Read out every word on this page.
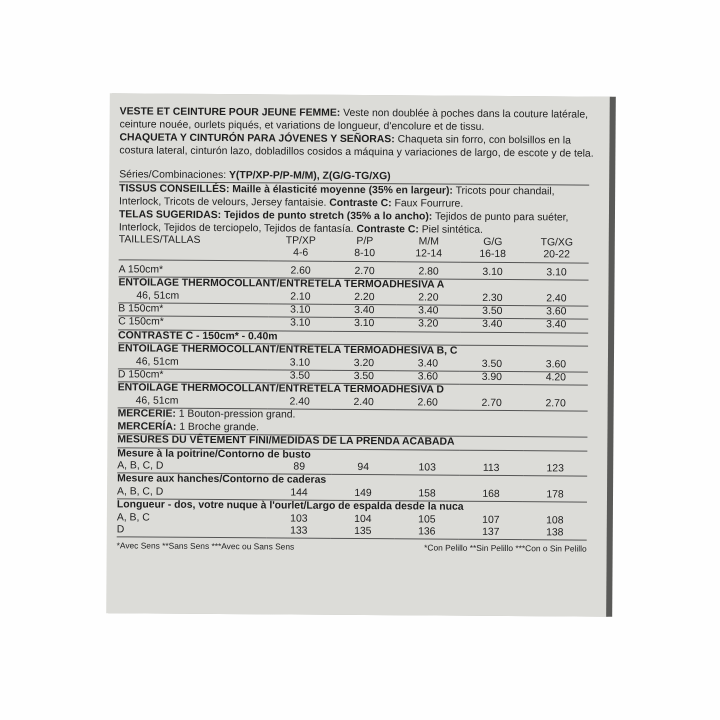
VESTE ET CEINTURE POUR JEUNE FEMME: Veste non doublée à poches dans la couture latérale, ceinture nouée, ourlets piqués, et variations de longueur, d'encolure et de tissu.

CHAQUETA Y CINTURÓN PARA JÓVENES Y SEÑORAS: Chaqueta sin forro, con bolsillos en la costura lateral, cinturón lazo, dobladillos cosidos a máquina y variaciones de largo, de escote y de tela.

Séries/Combinaciones: Y(TP/XP-P/P-M/M), Z(G/G-TG/XG)
TISSUS CONSEILLÉS: Maille à élasticité moyenne (35% en largeur): Tricots pour chandail, Interlock, Tricots de velours, Jersey fantaisie. Contraste C: Faux Fourrure.
TELAS SUGERIDAS: Tejidos de punto stretch (35% a lo ancho): Tejidos de punto para suéter, Interlock, Tejidos de terciopelo, Tejidos de fantasía. Contraste C: Piel sintética.
TAILLES/TALLAS	TP/XP	P/P	M/M	G/G	TG/XG
	4-6	8-10	12-14	16-18	20-22
A 150cm*	2.60	2.70	2.80	3.10	3.10
ENTOILAGE THERMOCOLLANT/ENTRETELA TERMOADHESIVA A					
46, 51cm	2.10	2.20	2.20	2.30	2.40
B 150cm*	3.10	3.40	3.40	3.50	3.60
C 150cm*	3.10	3.10	3.20	3.40	3.40
CONTRASTE C - 150cm* - 0.40m					
ENTOILAGE THERMOCOLLANT/ENTRETELA TERMOADHESIVA B, C					
46, 51cm	3.10	3.20	3.40	3.50	3.60
D 150cm*	3.50	3.50	3.60	3.90	4.20
ENTOILAGE THERMOCOLLANT/ENTRETELA TERMOADHESIVA D					
46, 51cm	2.40	2.40	2.60	2.70	2.70
MERCERIE: 1 Bouton-pression grand.					
MERCERÍA: 1 Broche grande.					
MESURES DU VÊTEMENT FINI/MEDIDAS DE LA PRENDA ACABADA					
Mesure à la poitrine/Contorno de busto					
A, B, C, D	89	94	103	113	123
Mesure aux hanches/Contorno de caderas					
A, B, C, D	144	149	158	168	178
Longueur - dos, votre nuque à l'ourlet/Largo de espalda desde la nuca					
A, B, C	103	104	105	107	108
D	133	135	136	137	138
*Avec Sens **Sans Sens ***Avec ou Sans Sens	*Con Pelillo **Sin Pelillo ***Con o Sin Pelillo
